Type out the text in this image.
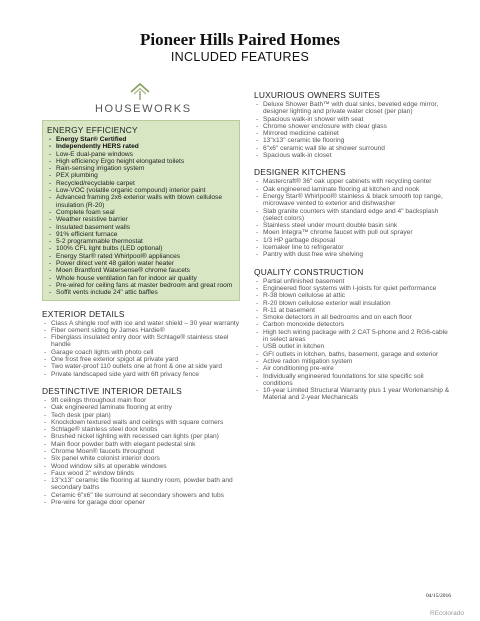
Pioneer Hills Paired Homes
INCLUDED FEATURES
HOUSEWORKS
ENERGY EFFICIENCY
- Energy Star® Certified
- Independently HERS rated
- Low-E dual-pane windows
- High efficiency Ergo height elongated toilets
- Rain-sensing irrigation system
- PEX plumbing
- Recycled/recyclable carpet
- Low-VOC (volatile organic compound) interior paint
- Advanced framing 2x6 exterior walls with blown cellulose insulation (R-20)
- Complete foam seal
- Weather resistive barrier
- Insulated basement walls
- 91% efficient furnace
- 5-2 programmable thermostat
- 100% CFL light bulbs (LED optional)
- Energy Star® rated Whirlpool® appliances
- Power direct vent 48 gallon water heater
- Moen Brantford Watersense® chrome faucets
- Whole house ventilation fan for indoor air quality
- Pre-wired for ceiling fans at master bedroom and great room
- Soffit vents include 24" attic baffles
EXTERIOR DETAILS
- Class A shingle roof with ice and water shield – 30 year warranty
- Fiber cement siding by James Hardie®
- Fiberglass insulated entry door with Schlage® stainless steel handle
- Garage coach lights with photo cell
- One frost free exterior spigot at private yard
- Two water-proof 110 outlets one at front & one at side yard
- Private landscaped side yard with 6ft privacy fence
DESTINCTIVE INTERIOR DETAILS
- 9ft ceilings throughout main floor
- Oak engineered laminate flooring at entry
- Tech desk (per plan)
- Knockdown textured walls and ceilings with square corners
- Schlage® stainless steel door knobs
- Brushed nickel lighting with recessed can lights (per plan)
- Main floor powder bath with elegant pedestal sink
- Chrome Moen® faucets throughout
- Six panel white colonist interior doors
- Wood window sills at operable windows
- Faux wood 2" window blinds
- 13"x13" ceramic tile flooring at laundry room, powder bath and secondary baths
- Ceramic 6"x6" tile surround at secondary showers and tubs
- Pre-wire for garage door opener
LUXURIOUS OWNERS SUITES
- Deluxe Shower Bath™ with dual sinks, beveled edge mirror, designer lighting and private water closet (per plan)
- Spacious walk-in shower with seat
- Chrome shower enclosure with clear glass
- Mirrored medicine cabinet
- 13"x13" ceramic tile flooring
- 6"x6" ceramic wall tile at shower surround
- Spacious walk-in closet
DESIGNER KITCHENS
- Mastercraft® 36" oak upper cabinets with recycling center
- Oak engineered laminate flooring at kitchen and nook
- Energy Star® Whirlpool® stainless & black smooth top range, microwave vented to exterior and dishwasher
- Slab granite counters with standard edge and 4" backsplash (select colors)
- Stainless steel under mount double basin sink
- Moen Integra™ chrome faucet with pull out sprayer
- 1/3 HP garbage disposal
- Icemaker line to refrigerator
- Pantry with dust free wire shelving
QUALITY CONSTRUCTION
- Partial unfinished basement
- Engineered floor systems with I-joists for quiet performance
- R-38 blown cellulose at attic
- R-20 blown cellulose exterior wall insulation
- R-11 at basement
- Smoke detectors in all bedrooms and on each floor
- Carbon monoxide detectors
- High tech wiring package with 2 CAT 5-phone and 2 RG6-cable in select areas
- USB outlet in kitchen
- GFI outlets in kitchen, baths, basement, garage and exterior
- Active radon mitigation system
- Air conditioning pre-wire
- Individually engineered foundations for site specific soil conditions
- 10-year Limited Structural Warranty plus 1 year Workmanship & Material and 2-year Mechanicals
04/15/2016
REcolorado
